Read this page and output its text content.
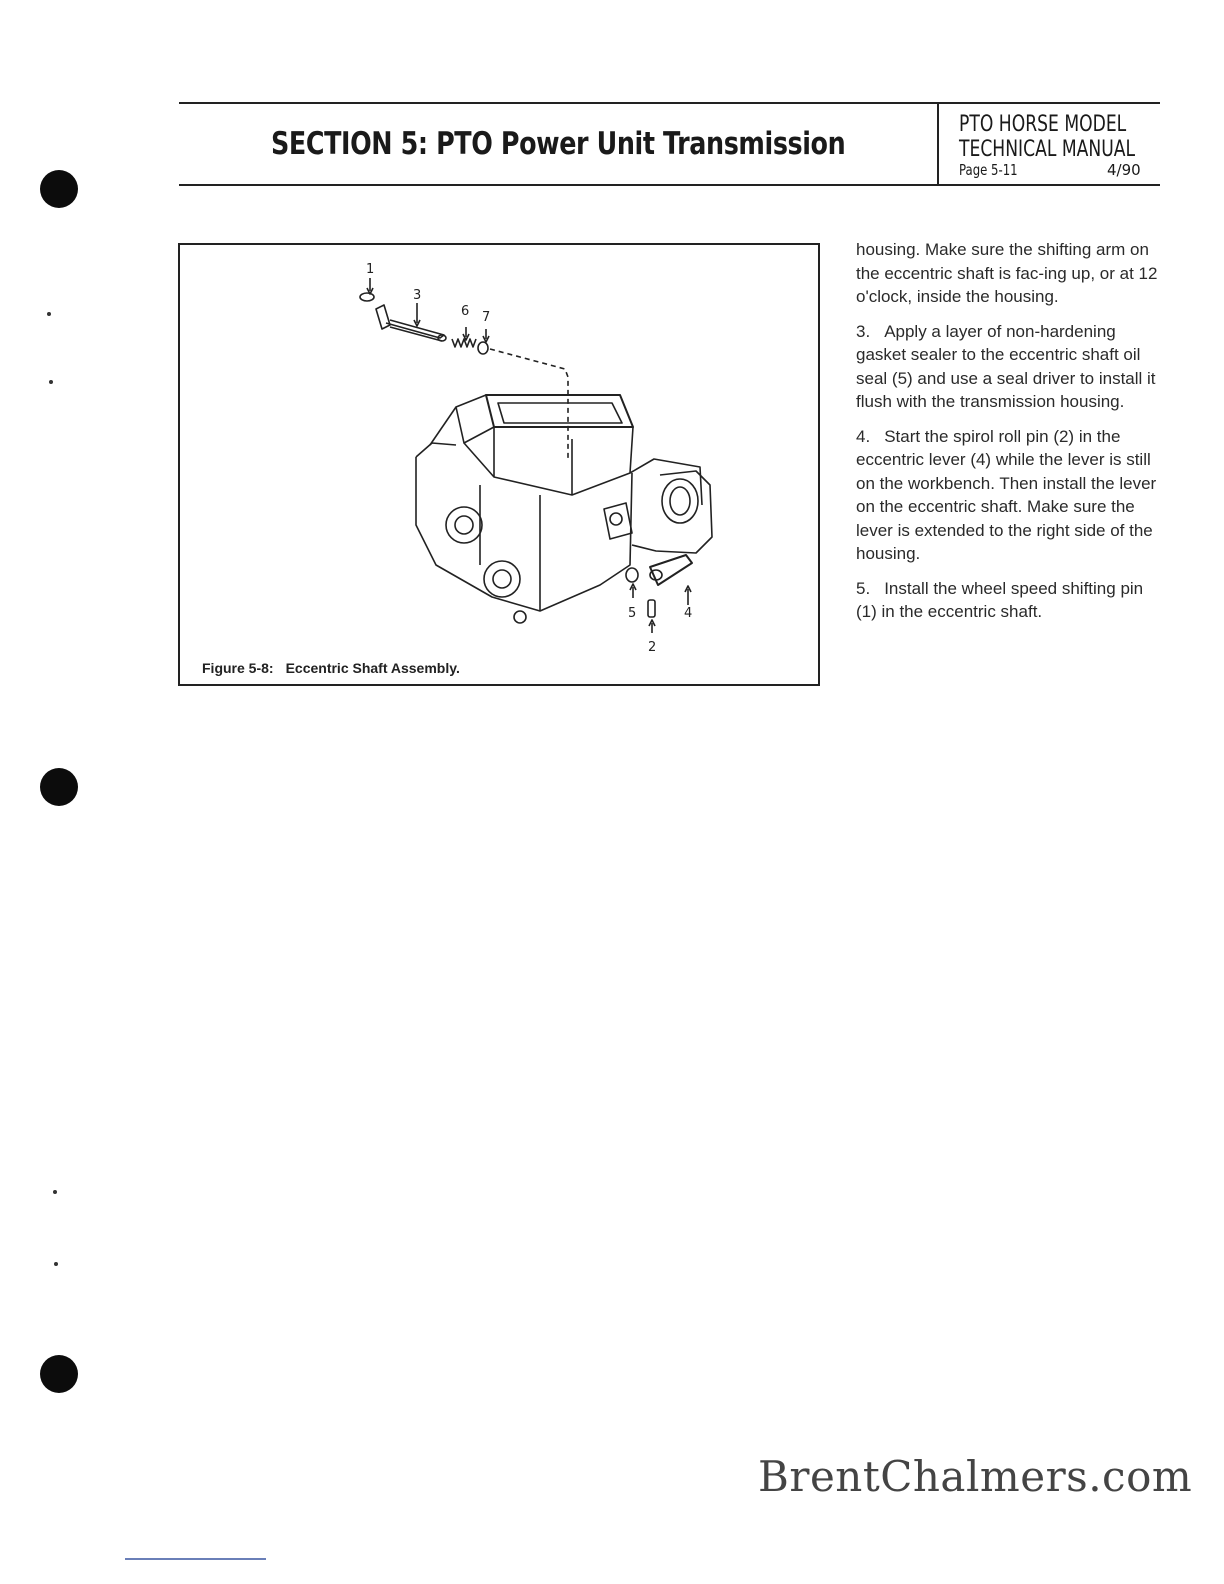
SECTION 5: PTO Power Unit Transmission
PTO HORSE MODEL
TECHNICAL MANUAL
Page 5-11	4/90
1
3
6 7
5
2
4
Figure 5-8: Eccentric Shaft Assembly.

housing. Make sure the shifting arm on the eccentric shaft is fac-ing up, or at 12 o'clock, inside the housing.

3. Apply a layer of non-hardening gasket sealer to the eccentric shaft oil seal (5) and use a seal driver to install it flush with the transmission housing.

4. Start the spirol roll pin (2) in the eccentric lever (4) while the lever is still on the workbench. Then install the lever on the eccentric shaft. Make sure the lever is extended to the right side of the housing.

5. Install the wheel speed shifting pin (1) in the eccentric shaft.

BrentChalmers.com
